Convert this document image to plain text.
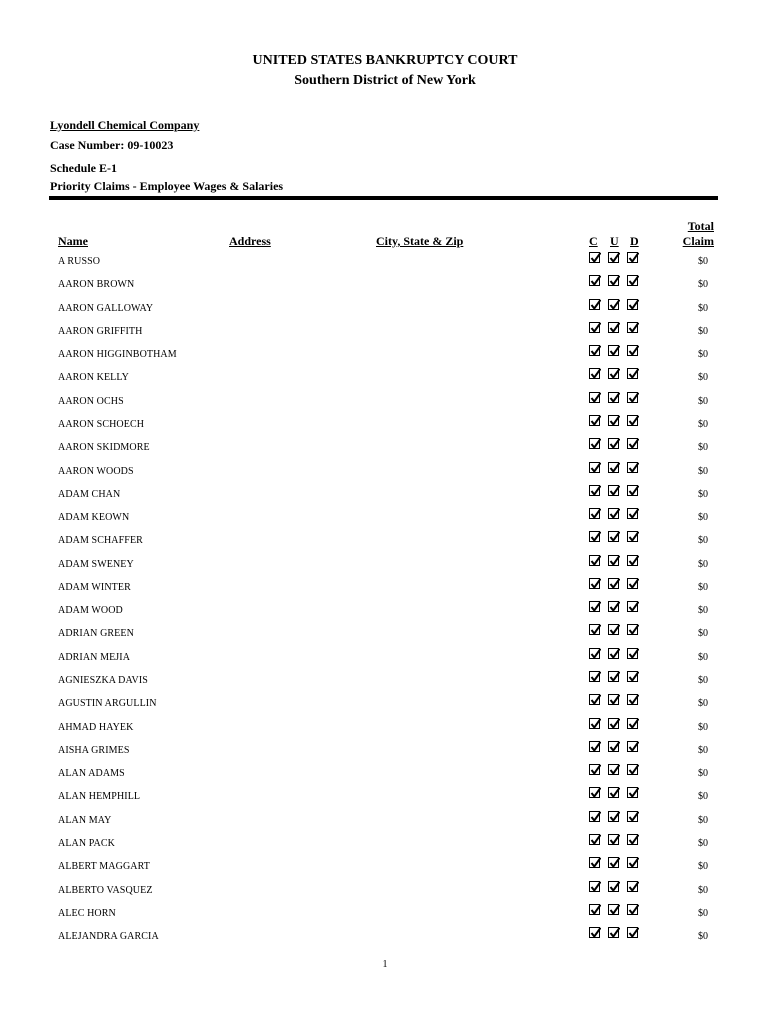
UNITED STATES BANKRUPTCY COURT
Southern District of New York
Lyondell Chemical Company
Case Number: 09-10023
Schedule E-1
Priority Claims - Employee Wages & Salaries
Name	Address	City, State & Zip	C U D
Total
Claim
A RUSSO	$0
AARON BROWN	$0
AARON GALLOWAY	$0
AARON GRIFFITH	$0
AARON HIGGINBOTHAM	$0
AARON KELLY	$0
AARON OCHS	$0
AARON SCHOECH	$0
AARON SKIDMORE	$0
AARON WOODS	$0
ADAM CHAN	$0
ADAM KEOWN	$0
ADAM SCHAFFER	$0
ADAM SWENEY	$0
ADAM WINTER	$0
ADAM WOOD	$0
ADRIAN GREEN	$0
ADRIAN MEJIA	$0
AGNIESZKA DAVIS	$0
AGUSTIN ARGULLIN	$0
AHMAD HAYEK	$0
AISHA GRIMES	$0
ALAN ADAMS	$0
ALAN HEMPHILL	$0
ALAN MAY	$0
ALAN PACK	$0
ALBERT MAGGART	$0
ALBERTO VASQUEZ	$0
ALEC HORN	$0
ALEJANDRA GARCIA	$0
1
